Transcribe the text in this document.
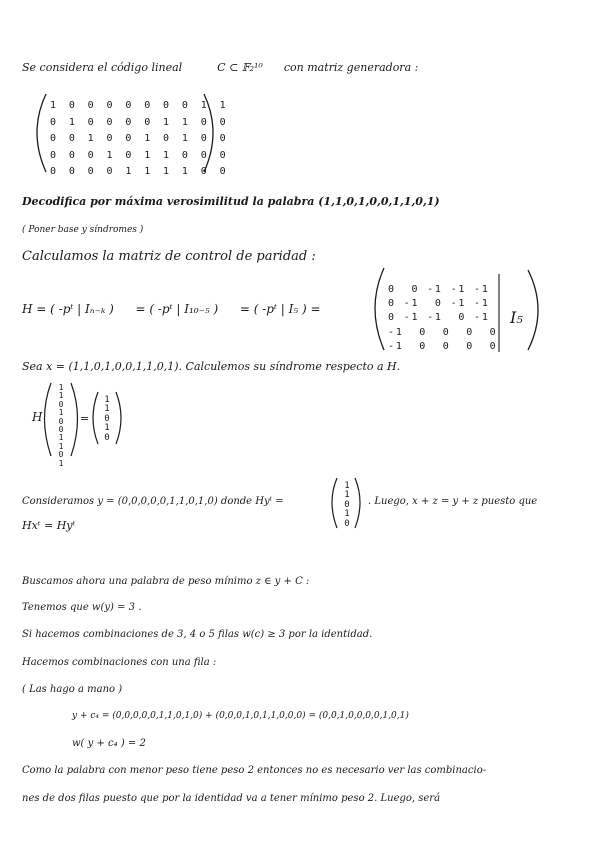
Se considera el código lineal	C ⊂ 𝔽₂¹⁰ con matriz generadora :
1 0 0 0 0 0 0 0 1 1
0 1 0 0 0 0 1 1 0 0
0 0 1 0 0 1 0 1 0 0
0 0 0 1 0 1 1 0 0 0
0 0 0 0 1 1 1 1 0 0
Decodifica por máxima verosimilitud la palabra (1,1,0,1,0,0,1,1,0,1)
( Poner base y síndromes )
Calculamos la matriz de control de paridad :
H = ( -pᵗ | Iₙ₋ₖ ) = ( -pᵗ | I₁₀₋₅ ) = ( -pᵗ | I₅ ) =
0  0 -1 -1 -1
0 -1  0 -1 -1
0 -1 -1  0 -1
-1  0  0  0  0
-1  0  0  0  0
I₅
Sea x = (1,1,0,1,0,0,1,1,0,1). Calculemos su síndrome respecto a H.
H
1
1
0
1
0
0
1
1
0
1
=
1
1
0
1
0
Consideramos y = (0,0,0,0,0,1,1,0,1,0) donde Hyᵗ =
1
1
0
1
0
. Luego, x + z = y + z puesto que
Hxᵗ = Hyᵗ
Buscamos ahora una palabra de peso mínimo z ∈ y + C :
Tenemos que w(y) = 3 .
Si hacemos combinaciones de 3, 4 o 5 filas w(c) ≥ 3 por la identidad.
Hacemos combinaciones con una fila :
( Las hago a mano )
y + c₄ = (0,0,0,0,0,1,1,0,1,0) + (0,0,0,1,0,1,1,0,0,0) = (0,0,1,0,0,0,0,1,0,1)
w( y + c₄ ) = 2
Como la palabra con menor peso tiene peso 2 entonces no es necesario ver las combinacio-
nes de dos filas puesto que por la identidad va a tener mínimo peso 2. Luego, será
